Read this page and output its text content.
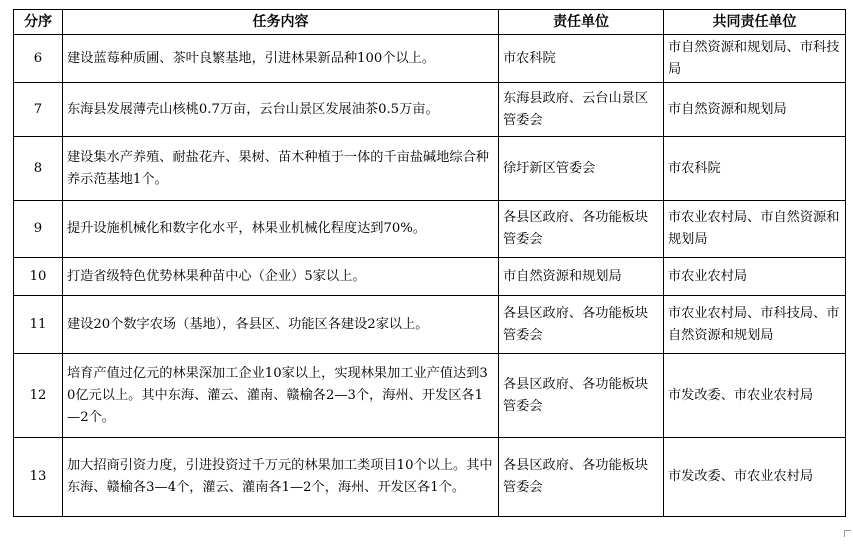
分序	任务内容	责任单位	共同责任单位
6	建设蓝莓种质圃、茶叶良繁基地，引进林果新品种100个以上。	市农科院	市自然资源和规划局、市科技局
7	东海县发展薄壳山核桃0.7万亩，云台山景区发展油茶0.5万亩。	东海县政府、云台山景区管委会	市自然资源和规划局
8	建设集水产养殖、耐盐花卉、果树、苗木种植于一体的千亩盐碱地综合种养示范基地1个。	徐圩新区管委会	市农科院
9	提升设施机械化和数字化水平，林果业机械化程度达到70%。	各县区政府、各功能板块管委会	市农业农村局、市自然资源和规划局
10	打造省级特色优势林果种苗中心（企业）5家以上。	市自然资源和规划局	市农业农村局
11	建设20个数字农场（基地），各县区、功能区各建设2家以上。	各县区政府、各功能板块管委会	市农业农村局、市科技局、市自然资源和规划局
12	培育产值过亿元的林果深加工企业10家以上，实现林果加工业产值达到30亿元以上。其中东海、灌云、灌南、赣榆各2—3个，海州、开发区各1—2个。	各县区政府、各功能板块管委会	市发改委、市农业农村局
13	加大招商引资力度，引进投资过千万元的林果加工类项目10个以上。其中东海、赣榆各3—4个，灌云、灌南各1—2个，海州、开发区各1个。	各县区政府、各功能板块管委会	市发改委、市农业农村局
